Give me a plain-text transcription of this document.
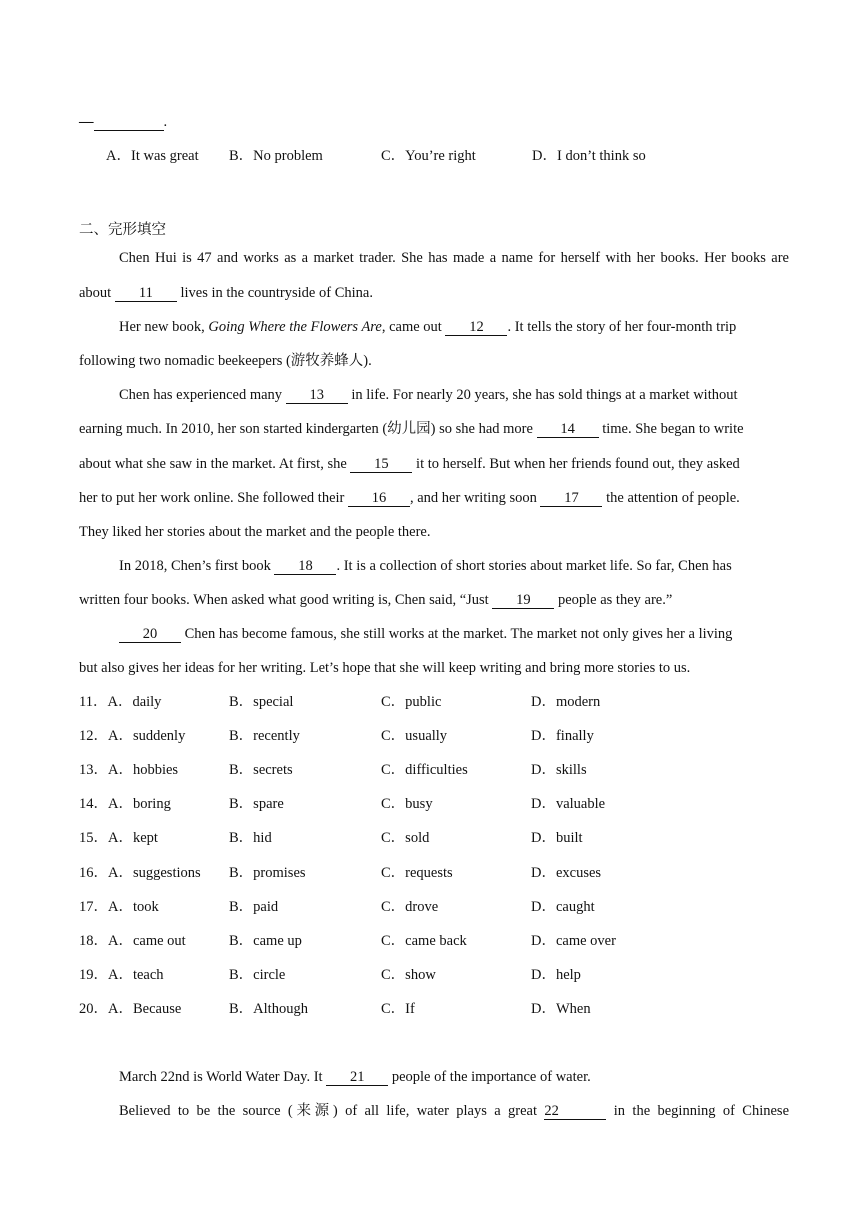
—	.
A．It was great B．No problem	C．You’re right	D．I don’t think so
二、完形填空
Chen Hui is 47 and works as a market trader. She has made a name for herself with her books. Her books are
about 11 lives in the countryside of China.
Her new book, Going Where the Flowers Are, came out 12 . It tells the story of her four-month trip
following two nomadic beekeepers (游牧养蜂人).
Chen has experienced many 13 in life. For nearly 20 years, she has sold things at a market without
earning much. In 2010, her son started kindergarten (幼儿园) so she had more 14 time. She began to write
about what she saw in the market. At first, she 15 it to herself. But when her friends found out, they asked
her to put her work online. She followed their 16 , and her writing soon 17 the attention of people.
They liked her stories about the market and the people there.
In 2018, Chen’s first book 18 . It is a collection of short stories about market life. So far, Chen has
written four books. When asked what good writing is, Chen said, “Just 19 people as they are.”
20 Chen has become famous, she still works at the market. The market not only gives her a living
but also gives her ideas for her writing. Let’s hope that she will keep writing and bring more stories to us.
11．A．daily	B．special	C．public	D．modern
12．A．suddenly	B．recently	C．usually	D．finally
13．A．hobbies	B．secrets	C．difficulties	D．skills
14．A．boring	B．spare	C．busy	D．valuable
15．A．kept	B．hid	C．sold	D．built
16．A．suggestions B．promises	C．requests	D．excuses
17．A．took	B．paid	C．drove	D．caught
18．A．came out	B．came up	C．came back	D．came over
19．A．teach	B．circle	C．show	D．help
20．A．Because	B．Although	C．If	D．When
March 22nd is World Water Day. It 21 people of the importance of water.
Believed to be the source (来源) of all life, water plays a great 22	in the beginning of Chinese
